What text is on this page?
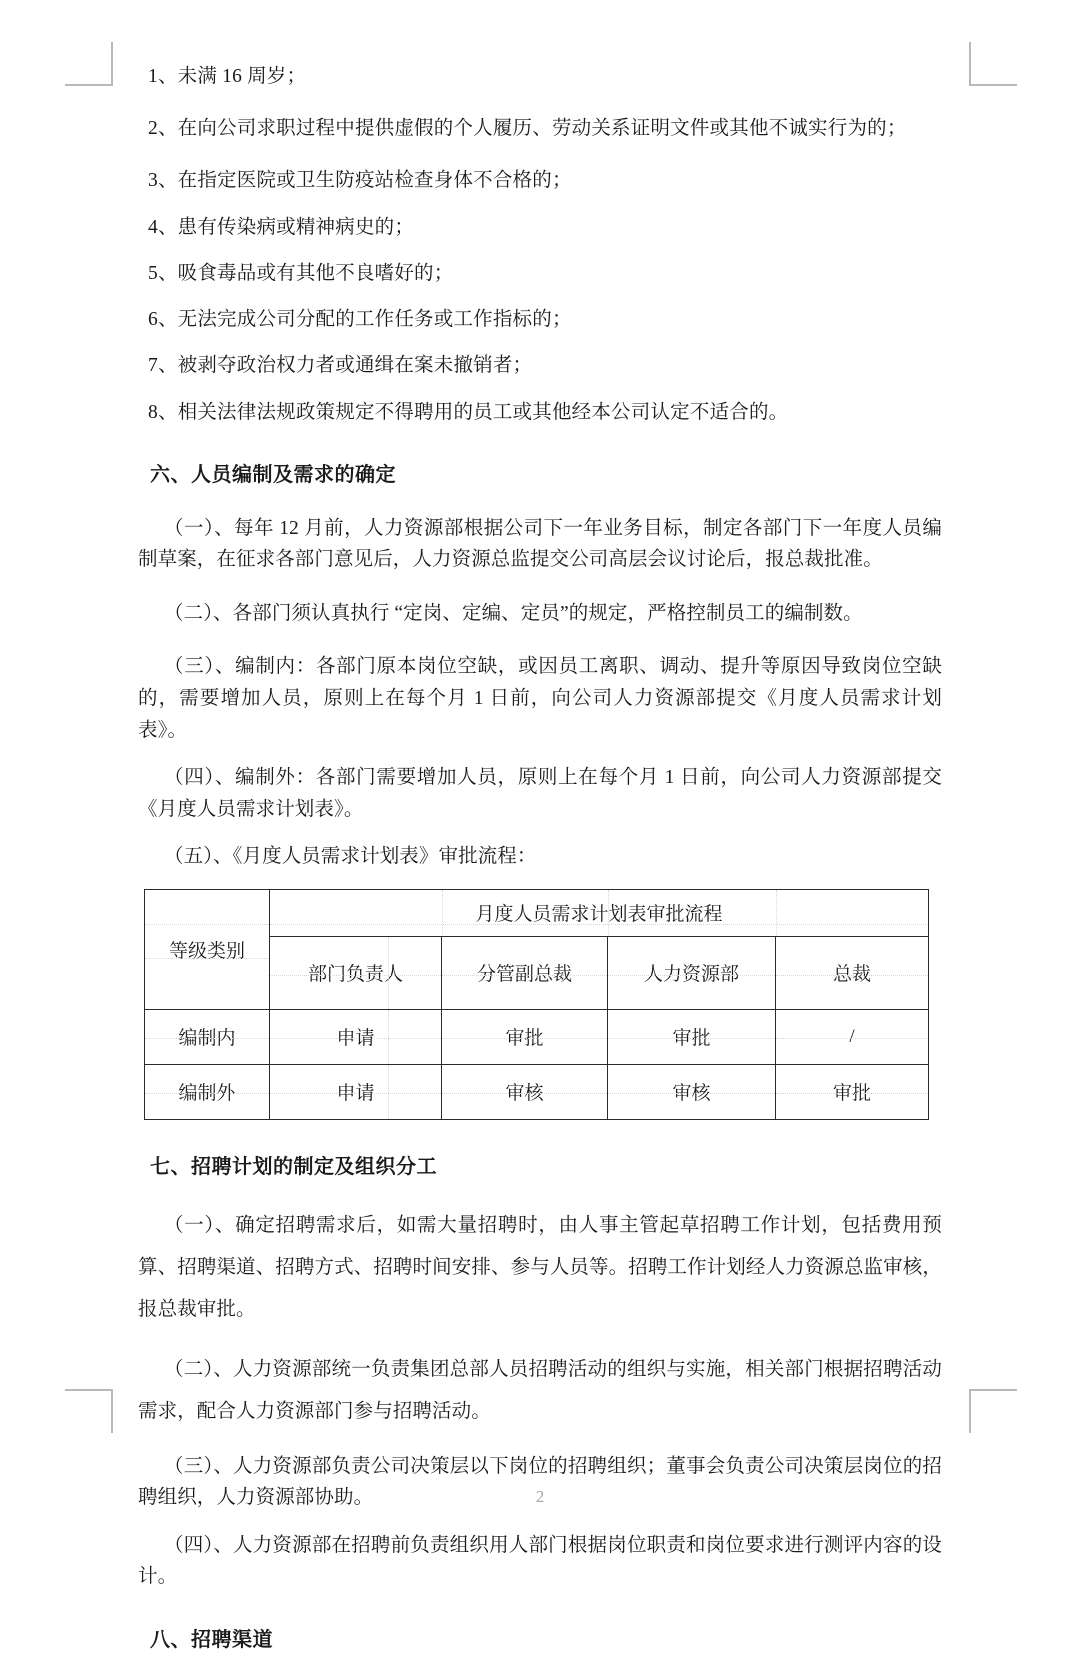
1、未满 16 周岁；

2、在向公司求职过程中提供虚假的个人履历、劳动关系证明文件或其他不诚实行为的；

3、在指定医院或卫生防疫站检查身体不合格的；

4、患有传染病或精神病史的；

5、吸食毒品或有其他不良嗜好的；

6、无法完成公司分配的工作任务或工作指标的；

7、被剥夺政治权力者或通缉在案未撤销者；

8、相关法律法规政策规定不得聘用的员工或其他经本公司认定不适合的。

六、人员编制及需求的确定

（一）、每年 12 月前，人力资源部根据公司下一年业务目标，制定各部门下一年度人员编制草案，在征求各部门意见后，人力资源总监提交公司高层会议讨论后，报总裁批准。

（二）、各部门须认真执行 “定岗、定编、定员”的规定，严格控制员工的编制数。

（三）、编制内：各部门原本岗位空缺，或因员工离职、调动、提升等原因导致岗位空缺的，需要增加人员，原则上在每个月 1 日前，向公司人力资源部提交《月度人员需求计划表》。

（四）、编制外：各部门需要增加人员，原则上在每个月 1 日前，向公司人力资源部提交《月度人员需求计划表》。

（五）、《月度人员需求计划表》审批流程：

等级类别	月度人员需求计划表审批流程			

	部门负责人	分管副总裁	人力资源部	总裁

编制内	申请	审批	审批	/

编制外	申请	审核	审核	审批
七、招聘计划的制定及组织分工

（一）、确定招聘需求后，如需大量招聘时，由人事主管起草招聘工作计划，包括费用预算、招聘渠道、招聘方式、招聘时间安排、参与人员等。招聘工作计划经人力资源总监审核，报总裁审批。

（二）、人力资源部统一负责集团总部人员招聘活动的组织与实施，相关部门根据招聘活动需求，配合人力资源部门参与招聘活动。

（三）、人力资源部负责公司决策层以下岗位的招聘组织；董事会负责公司决策层岗位的招聘组织，人力资源部协助。

（四）、人力资源部在招聘前负责组织用人部门根据岗位职责和岗位要求进行测评内容的设计。

八、招聘渠道
2
